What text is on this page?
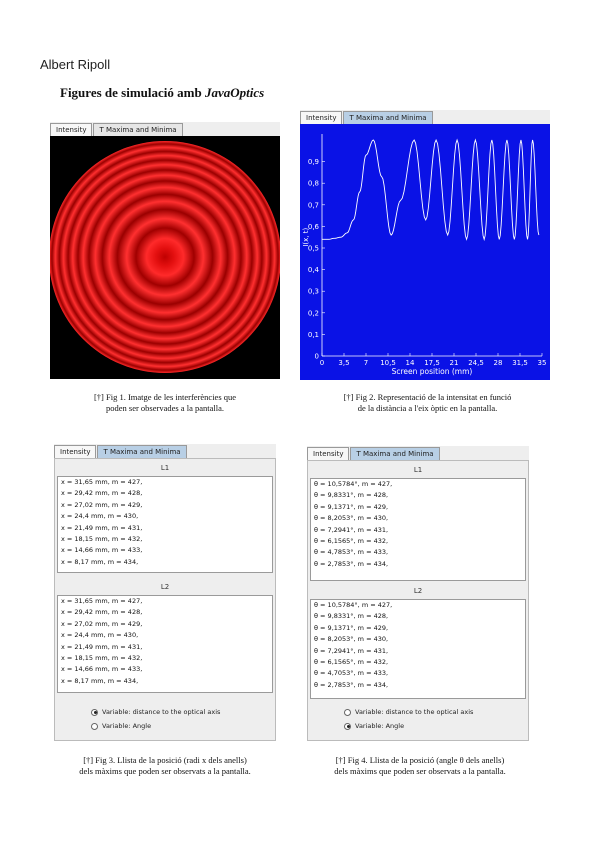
Albert Ripoll
Figures de simulació amb JavaOptics
Intensity	T Maxima and Minima
[†] Fig 1. Imatge de les interferències que
poden ser observades a la pantalla.
Intensity	T Maxima and Minima
0 3,5 7 10,5 14 17,5 21 24,5 28 31,5 35
0
0,1
0,2
0,3
0,4
0,5
0,6
0,7
0,8
0,9
Screen position (mm)
I(x, t)
[†] Fig 2. Representació de la intensitat en funció
de la distància a l'eix òptic en la pantalla.
Intensity	T Maxima and Minima
L1
x = 31,65 mm, m = 427,
x = 29,42 mm, m = 428,
x = 27,02 mm, m = 429,
x = 24,4 mm, m = 430,
x = 21,49 mm, m = 431,
x = 18,15 mm, m = 432,
x = 14,66 mm, m = 433,
x = 8,17 mm, m = 434,
L2
x = 31,65 mm, m = 427,
x = 29,42 mm, m = 428,
x = 27,02 mm, m = 429,
x = 24,4 mm, m = 430,
x = 21,49 mm, m = 431,
x = 18,15 mm, m = 432,
x = 14,66 mm, m = 433,
x = 8,17 mm, m = 434,
Variable: distance to the optical axis
Variable: Angle
[†] Fig 3. Llista de la posició (radi x dels anells)
dels màxims que poden ser observats a la pantalla.
Intensity	T Maxima and Minima
L1
θ = 10,5784°, m = 427,
θ = 9,8331°, m = 428,
θ = 9,1371°, m = 429,
θ = 8,2053°, m = 430,
θ = 7,2941°, m = 431,
θ = 6,1565°, m = 432,
θ = 4,7853°, m = 433,
θ = 2,7853°, m = 434,
L2
θ = 10,5784°, m = 427,
θ = 9,8331°, m = 428,
θ = 9,1371°, m = 429,
θ = 8,2053°, m = 430,
θ = 7,2941°, m = 431,
θ = 6,1565°, m = 432,
θ = 4,7053°, m = 433,
θ = 2,7853°, m = 434,
Variable: distance to the optical axis
Variable: Angle
[†] Fig 4. Llista de la posició (angle θ dels anells)
dels màxims que poden ser observats a la pantalla.
